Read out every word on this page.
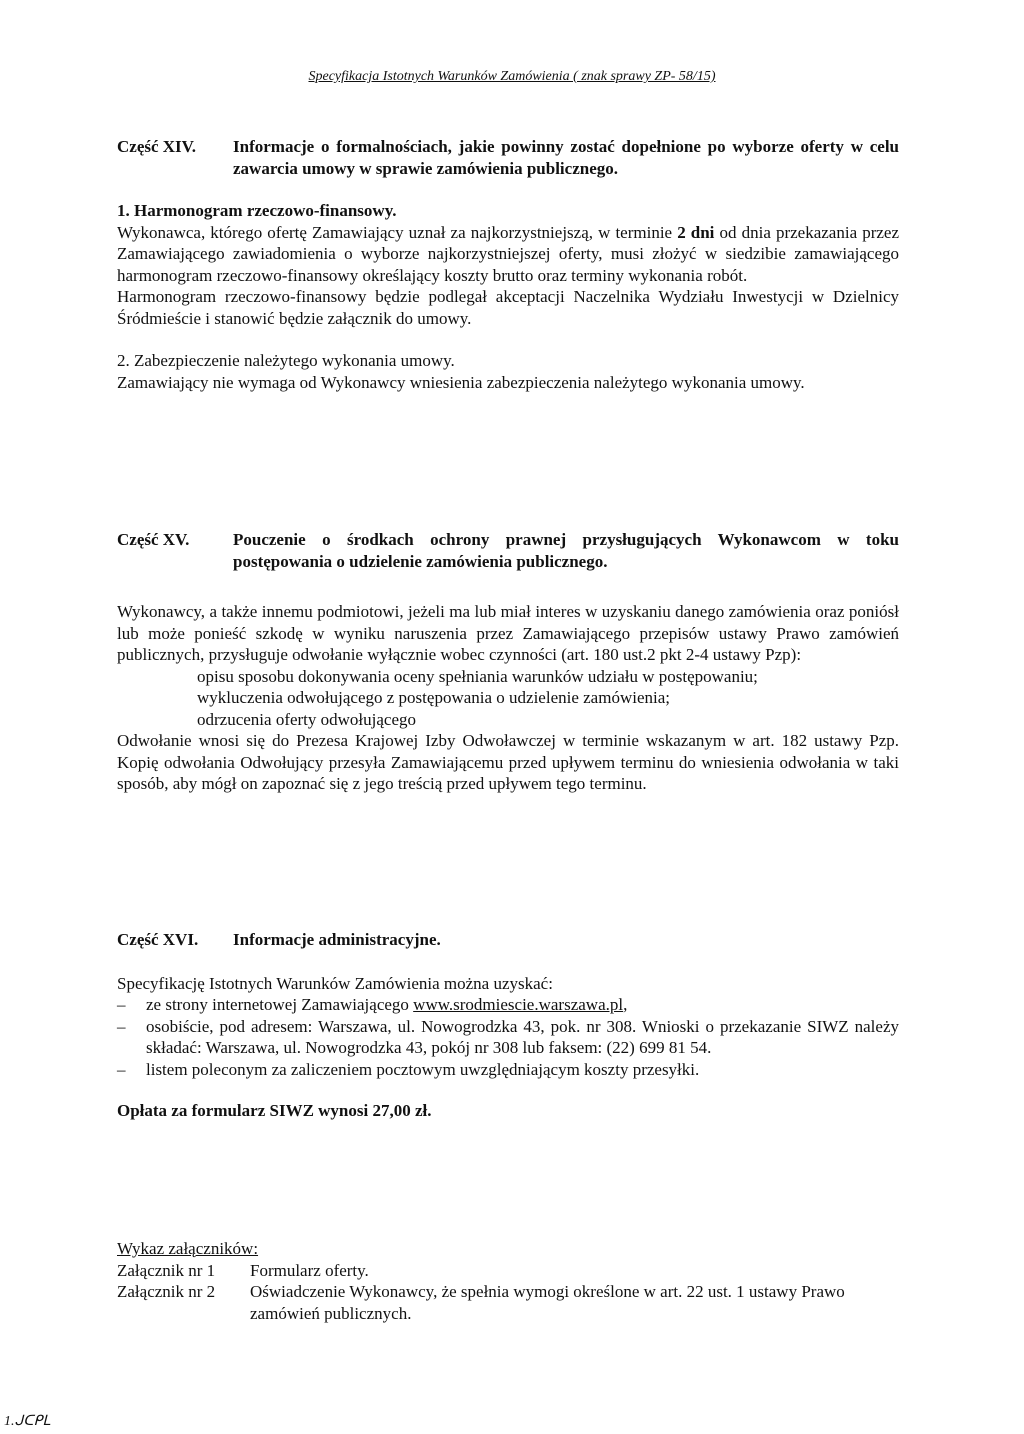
Specyfikacja Istotnych Warunków Zamówienia ( znak sprawy ZP- 58/15)
Część XIV.	Informacje o formalnościach, jakie powinny zostać dopełnione po wyborze oferty w celu zawarcia umowy w sprawie zamówienia publicznego.
1. Harmonogram rzeczowo-finansowy.

Wykonawca, którego ofertę Zamawiający uznał za najkorzystniejszą, w terminie 2 dni od dnia przekazania przez Zamawiającego zawiadomienia o wyborze najkorzystniejszej oferty, musi złożyć w siedzibie zamawiającego harmonogram rzeczowo-finansowy określający koszty brutto oraz terminy wykonania robót.

Harmonogram rzeczowo-finansowy będzie podlegał akceptacji Naczelnika Wydziału Inwestycji w Dzielnicy Śródmieście i stanowić będzie załącznik do umowy.

2. Zabezpieczenie należytego wykonania umowy.

Zamawiający nie wymaga od Wykonawcy wniesienia zabezpieczenia należytego wykonania umowy.

Część XV.	Pouczenie o środkach ochrony prawnej przysługujących Wykonawcom w toku postępowania o udzielenie zamówienia publicznego.

Wykonawcy, a także innemu podmiotowi, jeżeli ma lub miał interes w uzyskaniu danego zamówienia oraz poniósł lub może ponieść szkodę w wyniku naruszenia przez Zamawiającego przepisów ustawy Prawo zamówień publicznych, przysługuje odwołanie wyłącznie wobec czynności (art. 180 ust.2 pkt 2-4 ustawy Pzp):

opisu sposobu dokonywania oceny spełniania warunków udziału w postępowaniu;
wykluczenia odwołującego z postępowania o udzielenie zamówienia;
odrzucenia oferty odwołującego

Odwołanie wnosi się do Prezesa Krajowej Izby Odwoławczej w terminie wskazanym w art. 182 ustawy Pzp. Kopię odwołania Odwołujący przesyła Zamawiającemu przed upływem terminu do wniesienia odwołania w taki sposób, aby mógł on zapoznać się z jego treścią przed upływem tego terminu.

Część XVI.	Informacje administracyjne.

Specyfikację Istotnych Warunków Zamówienia można uzyskać:

–	ze strony internetowej Zamawiającego www.srodmiescie.warszawa.pl,
–	osobiście, pod adresem: Warszawa, ul. Nowogrodzka 43, pok. nr 308. Wnioski o przekazanie SIWZ należy składać: Warszawa, ul. Nowogrodzka 43, pokój nr 308 lub faksem: (22) 699 81 54.
–	listem poleconym za zaliczeniem pocztowym uwzględniającym koszty przesyłki.
Opłata za formularz SIWZ wynosi 27,00 zł.
Wykaz załączników:
Załącznik nr 1	Formularz oferty.
Załącznik nr 2	Oświadczenie Wykonawcy, że spełnia wymogi określone w art. 22 ust. 1 ustawy Prawo zamówień publicznych.
1.ᒍᑕᑭᒪ
